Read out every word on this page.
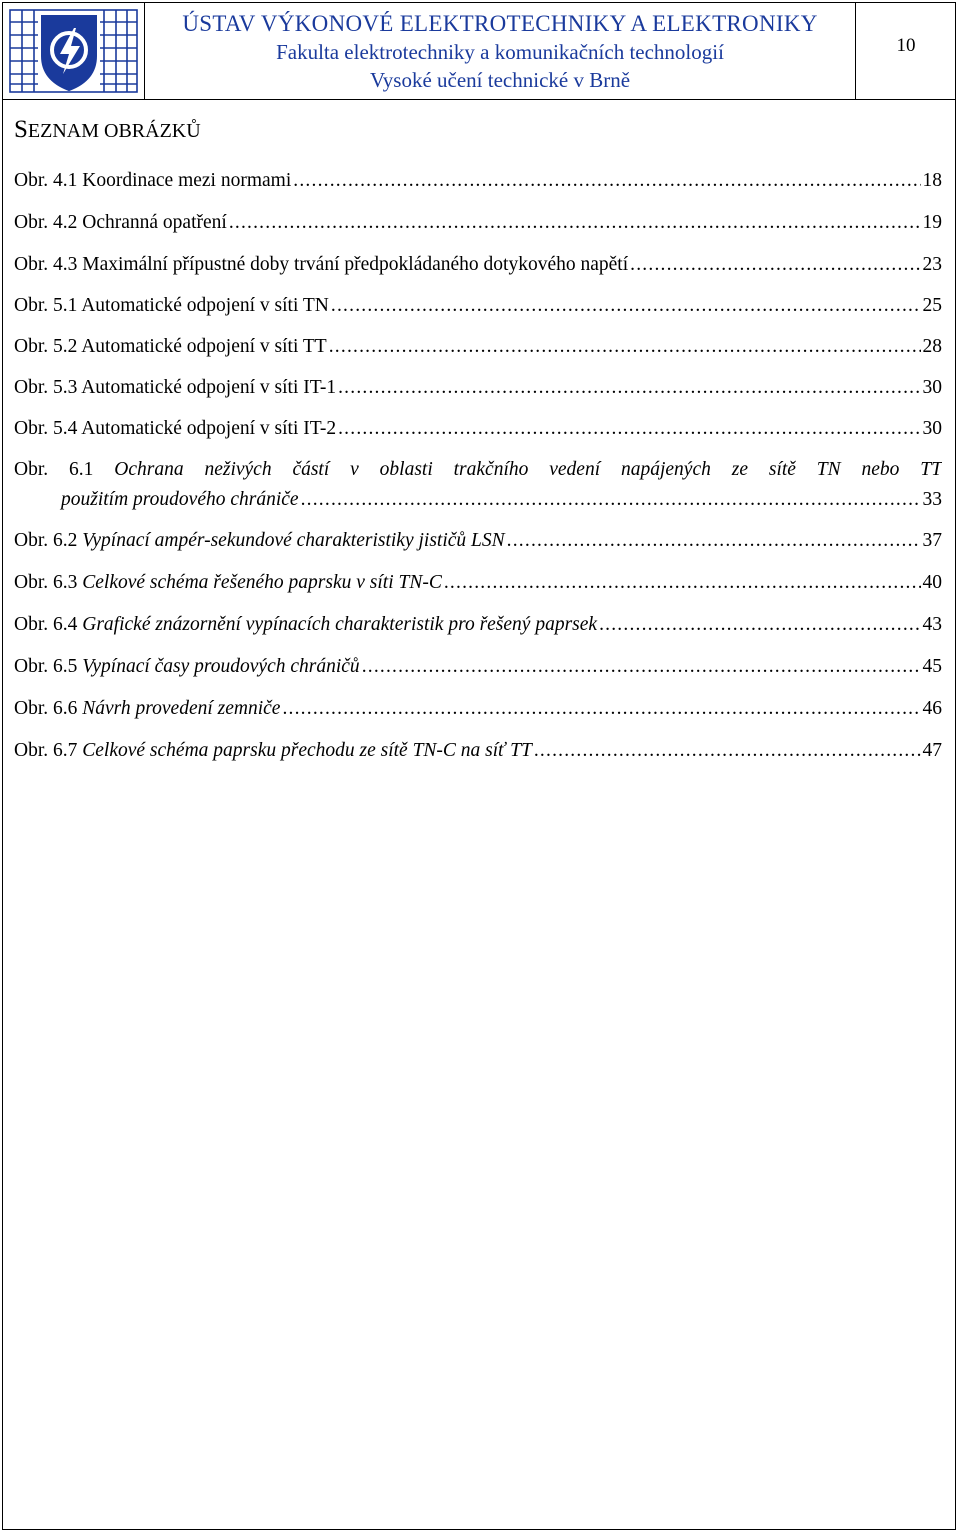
ÚSTAV VÝKONOVÉ ELEKTROTECHNIKY A ELEKTRONIKY
Fakulta elektrotechniky a komunikačních technologií
Vysoké učení technické v Brně
10
SEZNAM OBRÁZKŮ
Obr. 4.1 Koordinace mezi normami .....	18
Obr. 4.2 Ochranná opatření .....	19
Obr. 4.3 Maximální přípustné doby trvání předpokládaného dotykového napětí .....	23
Obr. 5.1 Automatické odpojení v síti TN .....	25
Obr. 5.2 Automatické odpojení v síti TT .....	28
Obr. 5.3 Automatické odpojení v síti IT-1 .....	30
Obr. 5.4 Automatické odpojení v síti IT-2 .....	30
Obr. 6.1 Ochrana neživých částí v oblasti trakčního vedení napájených ze sítě TN nebo TT
použitím proudového chrániče .....	33
Obr. 6.2 Vypínací ampér-sekundové charakteristiky jističů LSN .....	37
Obr. 6.3 Celkové schéma řešeného paprsku v síti TN-C .....	40
Obr. 6.4 Grafické znázornění vypínacích charakteristik pro řešený paprsek .....	43
Obr. 6.5 Vypínací časy proudových chráničů .....	45
Obr. 6.6 Návrh provedení zemniče .....	46
Obr. 6.7 Celkové schéma paprsku přechodu ze sítě TN-C na síť TT .....	47
